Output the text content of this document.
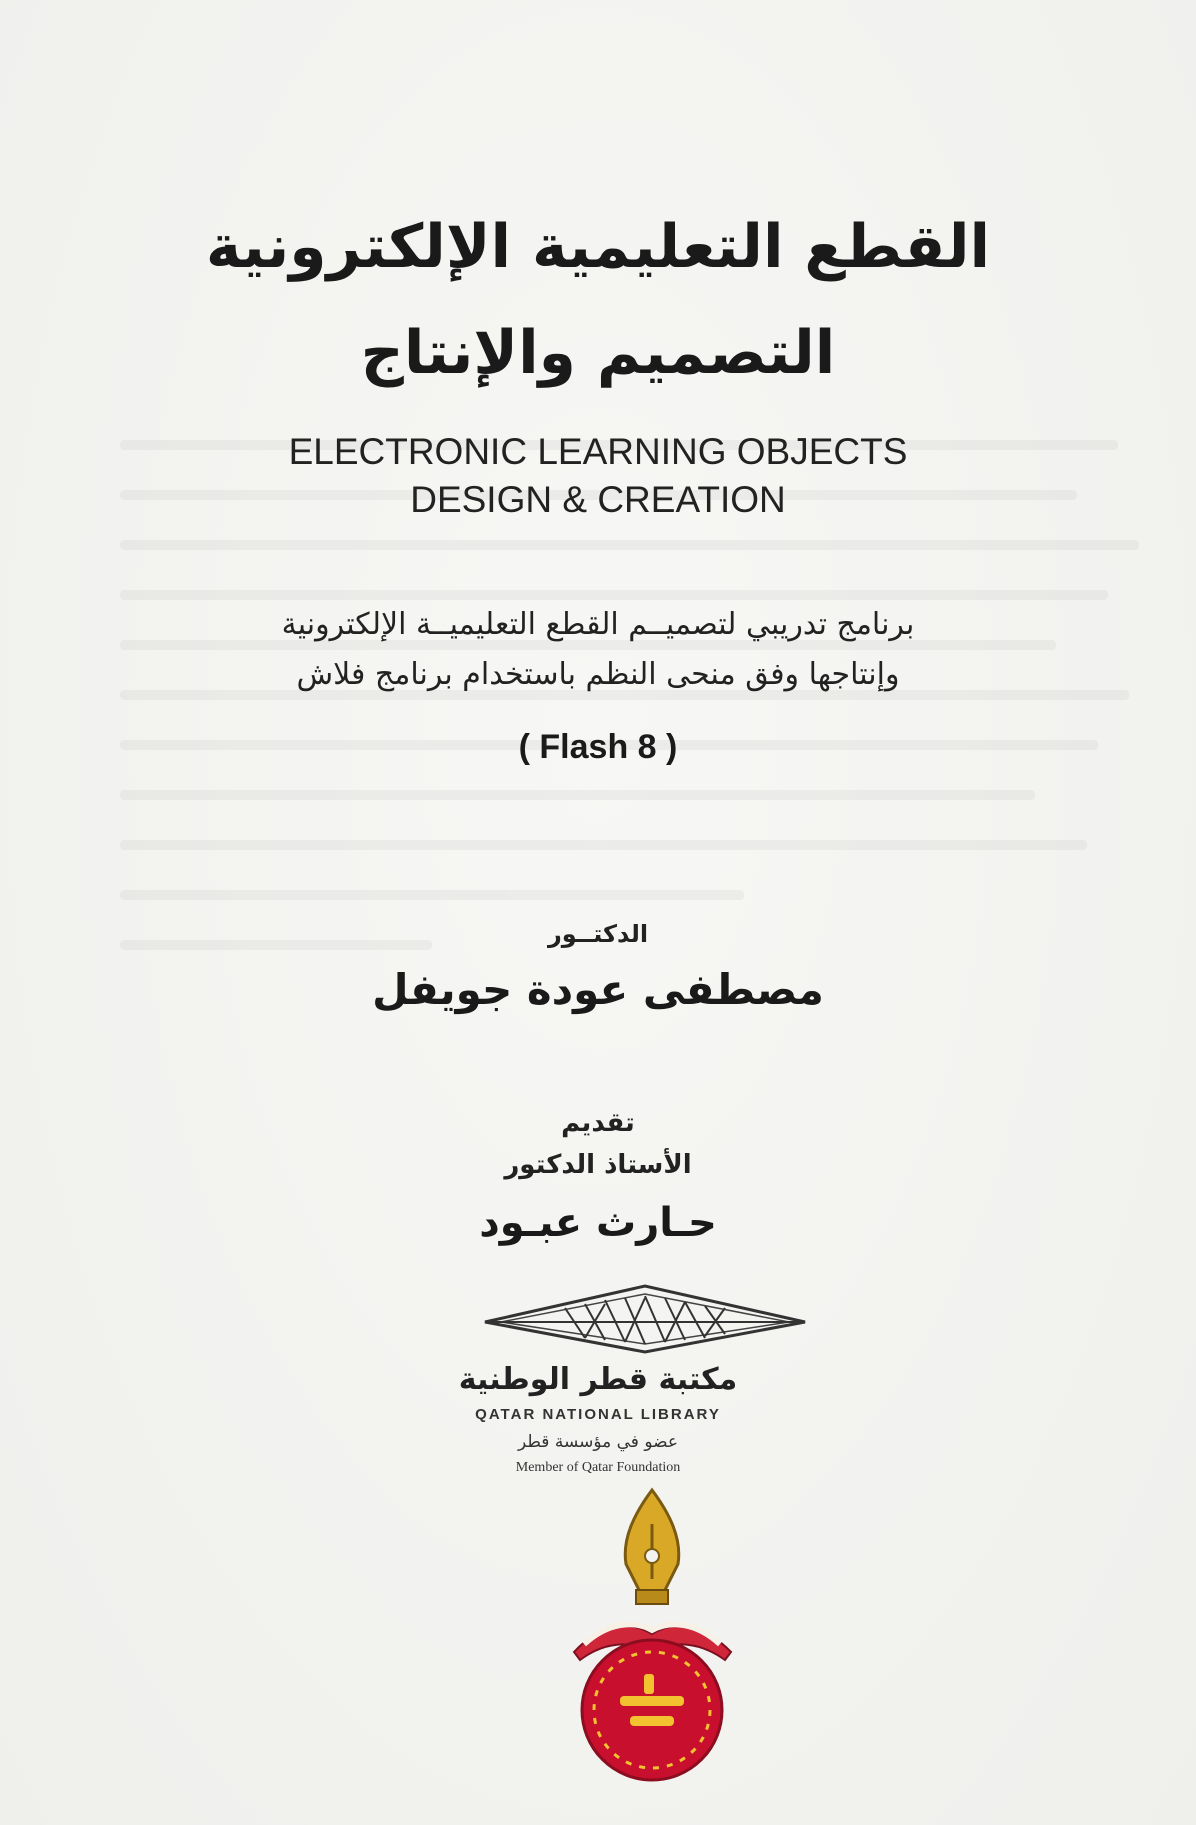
القطع التعليمية الإلكترونية
التصميم والإنتاج
ELECTRONIC LEARNING OBJECTS
DESIGN & CREATION
برنامج تدريبي لتصميــم القطع التعليميــة الإلكترونية
وإنتاجها وفق منحى النظم باستخدام برنامج فلاش
( Flash 8 )
الدكتــور
مصطفى عودة جويفل
تقديم
الأستاذ الدكتور
حـارث عبـود
مكتبة قطر الوطنية
QATAR NATIONAL LIBRARY
عضو في مؤسسة قطر
Member of Qatar Foundation
